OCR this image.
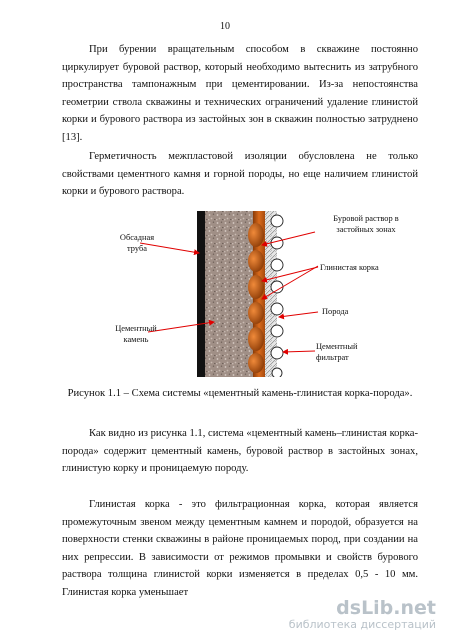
10

При бурении вращательным способом в скважине постоянно циркулирует буровой раствор, который необходимо вытеснить из затрубного пространства тампонажным при цементировании. Из-за непостоянства геометрии ствола скважины и технических ограничений удаление глинистой корки и бурового раствора из застойных зон в скважин полностью затруднено [13].

Герметичность межпластовой изоляции обусловлена не только свойствами цементного камня и горной породы, но еще наличием глинистой корки и бурового раствора.

Обсадная
труба
Цементный
камень
Буровой раствор в
застойных зонах
Глинистая корка
Порода
Цементный
фильтрат

Рисунок 1.1 – Схема системы «цементный камень-глинистая корка-порода».

Как видно из рисунка 1.1, система «цементный камень–глинистая корка-порода» содержит цементный камень, буровой раствор в застойных зонах, глинистую корку и проницаемую породу.

Глинистая корка - это фильтрационная корка, которая является промежуточным звеном между цементным камнем и породой, образуется на поверхности стенки скважины в районе проницаемых пород, при создании на них репрессии. В зависимости от режимов промывки и свойств бурового раствора толщина глинистой корки изменяется в пределах 0,5 - 10 мм. Глинистая корка уменьшает

dsLib.net
библиотека диссертаций
